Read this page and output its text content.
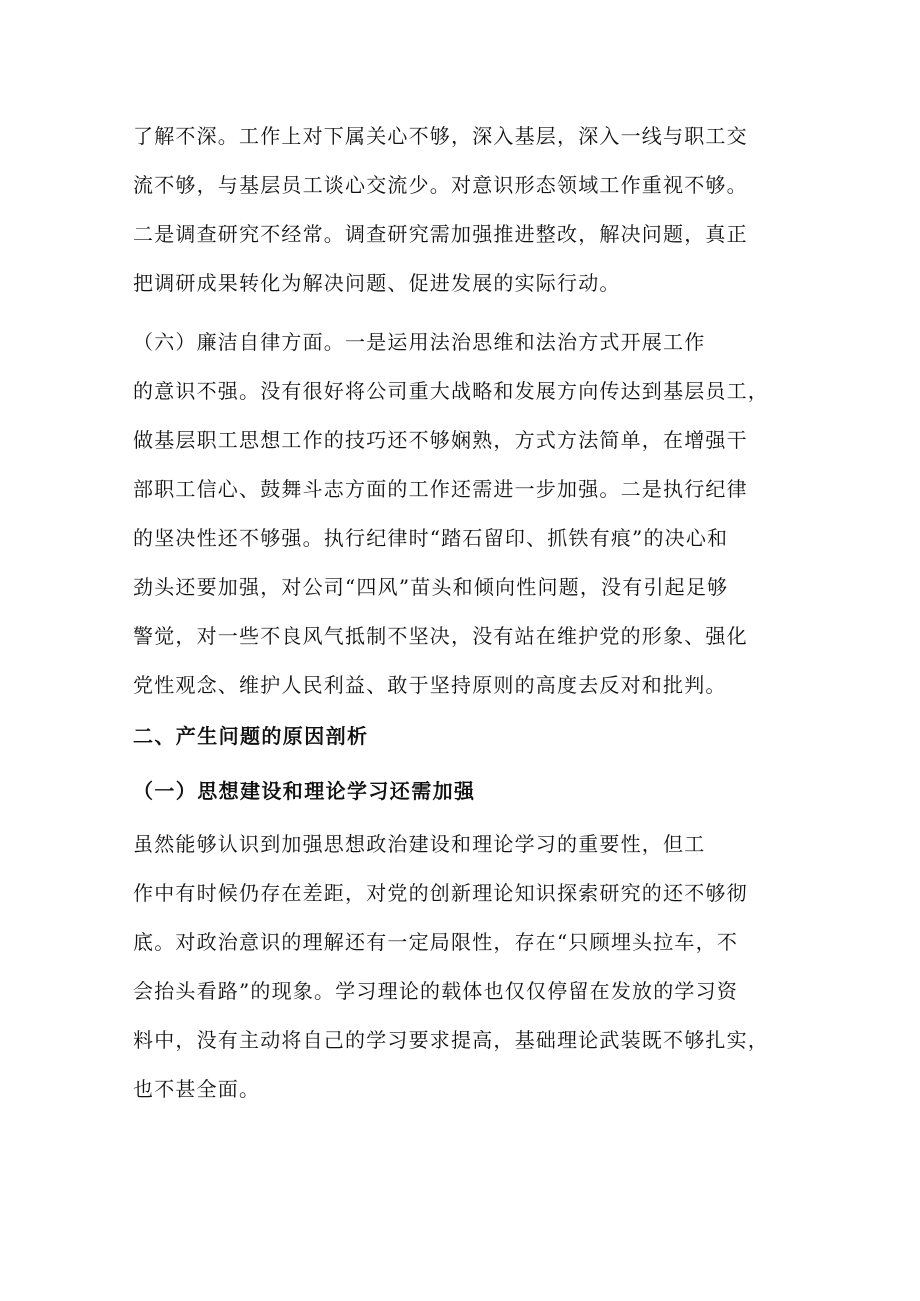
了解不深。工作上对下属关心不够，深入基层，深入一线与职工交
流不够，与基层员工谈心交流少。对意识形态领域工作重视不够。
二是调查研究不经常。调查研究需加强推进整改，解决问题，真正
把调研成果转化为解决问题、促进发展的实际行动。

（六）廉洁自律方面。一是运用法治思维和法治方式开展工作
的意识不强。没有很好将公司重大战略和发展方向传达到基层员工，
做基层职工思想工作的技巧还不够娴熟，方式方法简单，在增强干
部职工信心、鼓舞斗志方面的工作还需进一步加强。二是执行纪律
的坚决性还不够强。执行纪律时“踏石留印、抓铁有痕”的决心和
劲头还要加强，对公司“四风”苗头和倾向性问题，没有引起足够
警觉，对一些不良风气抵制不坚决，没有站在维护党的形象、强化
党性观念、维护人民利益、敢于坚持原则的高度去反对和批判。

二、产生问题的原因剖析

（一）思想建设和理论学习还需加强

虽然能够认识到加强思想政治建设和理论学习的重要性，但工
作中有时候仍存在差距，对党的创新理论知识探索研究的还不够彻
底。对政治意识的理解还有一定局限性，存在“只顾埋头拉车，不
会抬头看路”的现象。学习理论的载体也仅仅停留在发放的学习资
料中，没有主动将自己的学习要求提高，基础理论武装既不够扎实，
也不甚全面。
